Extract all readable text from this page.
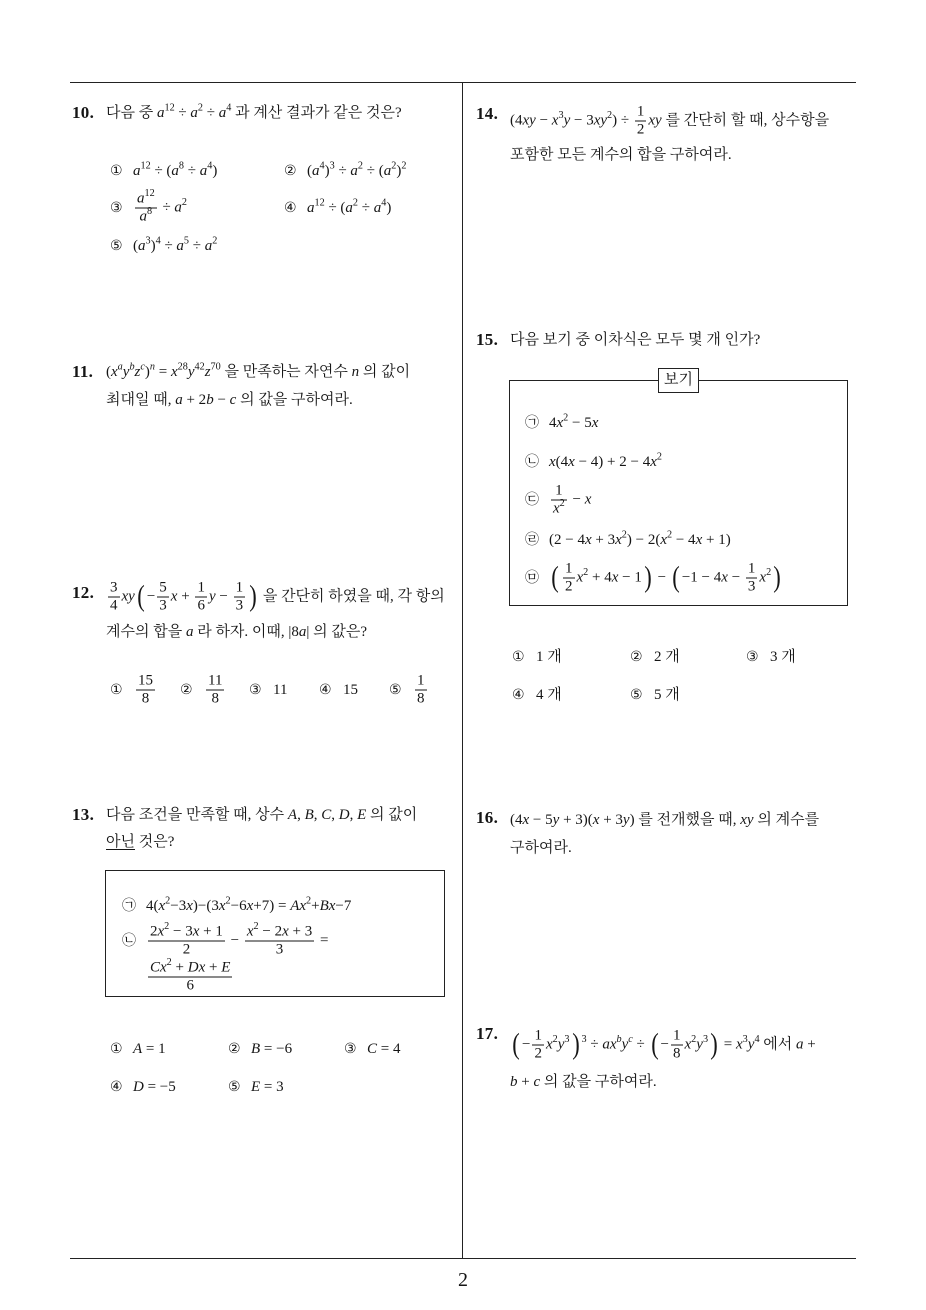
10. 다음 중 $a^{12} \div a^2 \div a^4$ 과 계산 결과가 같은 것은?
① $a^{12} \div (a^8 \div a^4)$	② $(a^4)^3 \div a^2 \div (a^2)^2$
③ $\frac{a^{12}}{a^8} \div a^2$	④ $a^{12} \div (a^2 \div a^4)$
⑤ $(a^3)^4 \div a^5 \div a^2$
11. $(x^ay^bz^c)^n = x^{28}y^{42}z^{70}$ 을 만족하는 자연수 n 의 값이
최대일 때, a + 2b − c 의 값을 구하여라.
12. $\frac{3}{4} xy( - \frac{5}{3}$ $x + \frac{1}{6}$ $y - \frac{1}{3}$ ) 을 간단히 하였을 때, 각 항의
계수의 합을 a 라 하자. 이때, |8a| 의 값은?
① $\frac{15}{8}$ ② $\frac{11}{8}$ ③ 11 ④ 15 ⑤ $\frac{1}{8}$
13. 다음 조건을 만족할 때, 상수 A, B, C, D, E 의 값이
아닌 것은?
㉠ $4(x^2-3x)-(3x^2-6x+7) = Ax^2+Bx-7$
㉡ $\frac{2x^2 - 3x + 1}{2} - \frac{x^2 - 2x + 3}{3}$ =
$\frac{Cx^2 + Dx + E}{6}$
① A = 1	② B = −6	③ C = 4
④ D = −5	⑤ E = 3
14. $(4xy - x^3y - 3xy^2) \div \frac{1}{2}$ xy 를 간단히 할 때, 상수항을
포함한 모든 계수의 합을 구하여라.
15. 다음 보기 중 이차식은 모두 몇 개 인가?
보기
㉠ $4x^2 - 5x$
㉡ $x(4x - 4) + 2 - 4x^2$
㉢ $\frac{1}{x^2} - x$
㉣ $(2 - 4x + 3x^2) - 2(x^2 - 4x + 1)$
㉤ ( $\frac{1}{2} x^2 + 4x - 1$) − ( $-1 - 4x - \frac{1}{3} x^2$)
① 1 개	② 2 개	③ 3 개
④ 4 개	⑤ 5 개
16. (4x − 5y + 3)(x + 3y) 를 전개했을 때, xy 의 계수를
구하여라.
17. ( − $\frac{1}{2} x^2y^3$) $^3 \div ax^by^c$ ÷ ( − $\frac{1}{8} x^2y^3) = x^3y^4$ 에서 a +
b + c 의 값을 구하여라.
2
